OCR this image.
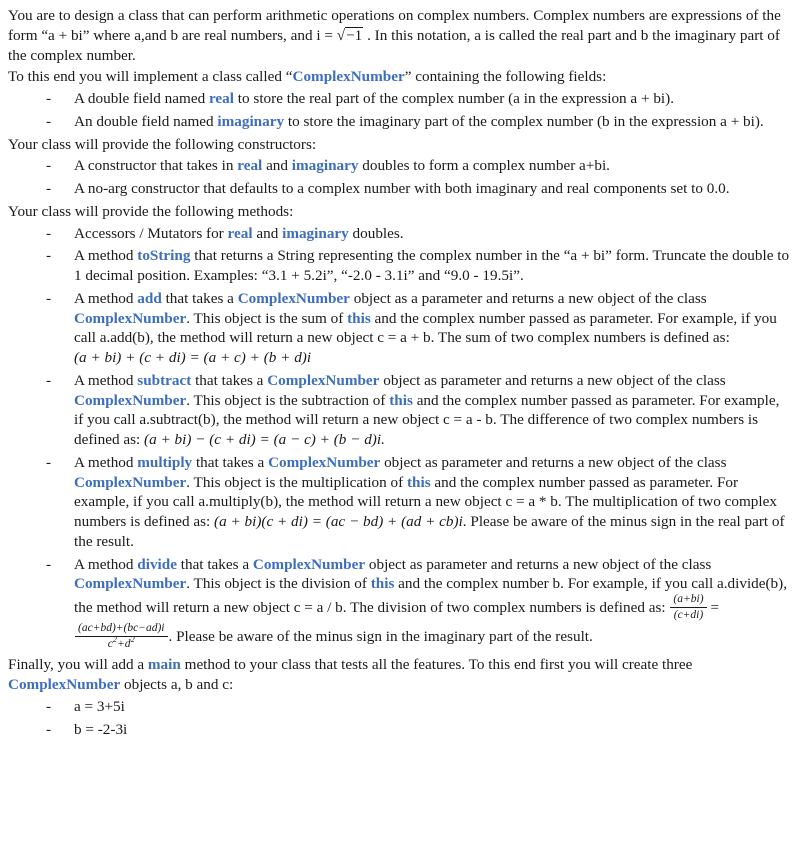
You are to design a class that can perform arithmetic operations on complex numbers. Complex numbers are expressions of the form “a + bi” where a,and b are real numbers, and i = √−1 . In this notation, a is called the real part and b the imaginary part of the complex number.

To this end you will implement a class called “ComplexNumber” containing the following fields:

- A double field named real to store the real part of the complex number (a in the expression a + bi).
- An double field named imaginary to store the imaginary part of the complex number (b in the expression a + bi).

Your class will provide the following constructors:

- A constructor that takes in real and imaginary doubles to form a complex number a+bi.
- A no-arg constructor that defaults to a complex number with both imaginary and real components set to 0.0.

Your class will provide the following methods:

- Accessors / Mutators for real and imaginary doubles.
- A method toString that returns a String representing the complex number in the “a + bi” form. Truncate the double to 1 decimal position. Examples: “3.1 + 5.2i”, “-2.0 - 3.1i” and “9.0 - 19.5i”.
- A method add that takes a ComplexNumber object as a parameter and returns a new object of the class ComplexNumber. This object is the sum of this and the complex number passed as parameter. For example, if you call a.add(b), the method will return a new object c = a + b. The sum of two complex numbers is defined as: (a + bi) + (c + di) = (a + c) + (b + d)i
- A method subtract that takes a ComplexNumber object as parameter and returns a new object of the class ComplexNumber. This object is the subtraction of this and the complex number passed as parameter. For example, if you call a.subtract(b), the method will return a new object c = a - b. The difference of two complex numbers is defined as: (a + bi) − (c + di) = (a − c) + (b − d)i.
- A method multiply that takes a ComplexNumber object as parameter and returns a new object of the class ComplexNumber. This object is the multiplication of this and the complex number passed as parameter. For example, if you call a.multiply(b), the method will return a new object c = a * b. The multiplication of two complex numbers is defined as: (a + bi)(c + di) = (ac − bd) + (ad + cb)i. Please be aware of the minus sign in the real part of the result.
- A method divide that takes a ComplexNumber object as parameter and returns a new object of the class ComplexNumber. This object is the division of this and the complex number b. For example, if you call a.divide(b), the method will return a new object c = a / b. The division of two complex numbers is defined as: $\frac{(a+bi)}{(c+di)}$ =
$\frac{(ac+bd)+(bc-ad)i}{c^2+d^2}$ . Please be aware of the minus sign in the imaginary part of the result.

Finally, you will add a main method to your class that tests all the features. To this end first you will create three ComplexNumber objects a, b and c:

- a = 3+5i
- b = -2-3i
